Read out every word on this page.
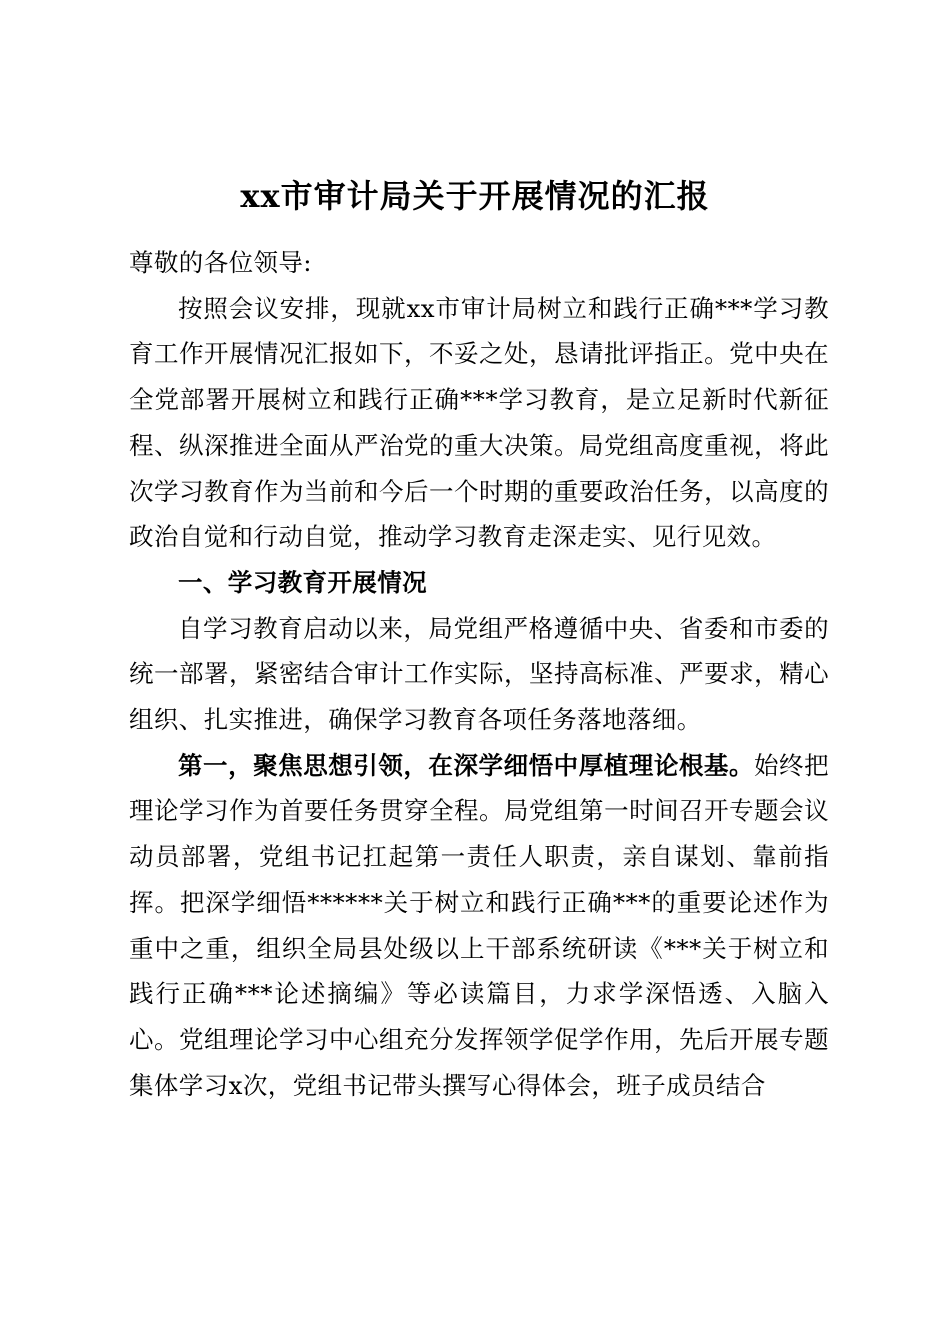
xx市审计局关于开展情况的汇报

尊敬的各位领导:

按照会议安排，现就xx市审计局树立和践行正确***学习教育工作开展情况汇报如下，不妥之处，恳请批评指正。党中央在全党部署开展树立和践行正确***学习教育，是立足新时代新征程、纵深推进全面从严治党的重大决策。局党组高度重视，将此次学习教育作为当前和今后一个时期的重要政治任务，以高度的政治自觉和行动自觉，推动学习教育走深走实、见行见效。

一、学习教育开展情况

自学习教育启动以来，局党组严格遵循中央、省委和市委的统一部署，紧密结合审计工作实际，坚持高标准、严要求，精心组织、扎实推进，确保学习教育各项任务落地落细。

第一，聚焦思想引领，在深学细悟中厚植理论根基。始终把理论学习作为首要任务贯穿全程。局党组第一时间召开专题会议动员部署，党组书记扛起第一责任人职责，亲自谋划、靠前指挥。把深学细悟******关于树立和践行正确***的重要论述作为重中之重，组织全局县处级以上干部系统研读《***关于树立和践行正确***论述摘编》等必读篇目，力求学深悟透、入脑入心。党组理论学习中心组充分发挥领学促学作用，先后开展专题集体学习x次，党组书记带头撰写心得体会，班子成员结合
